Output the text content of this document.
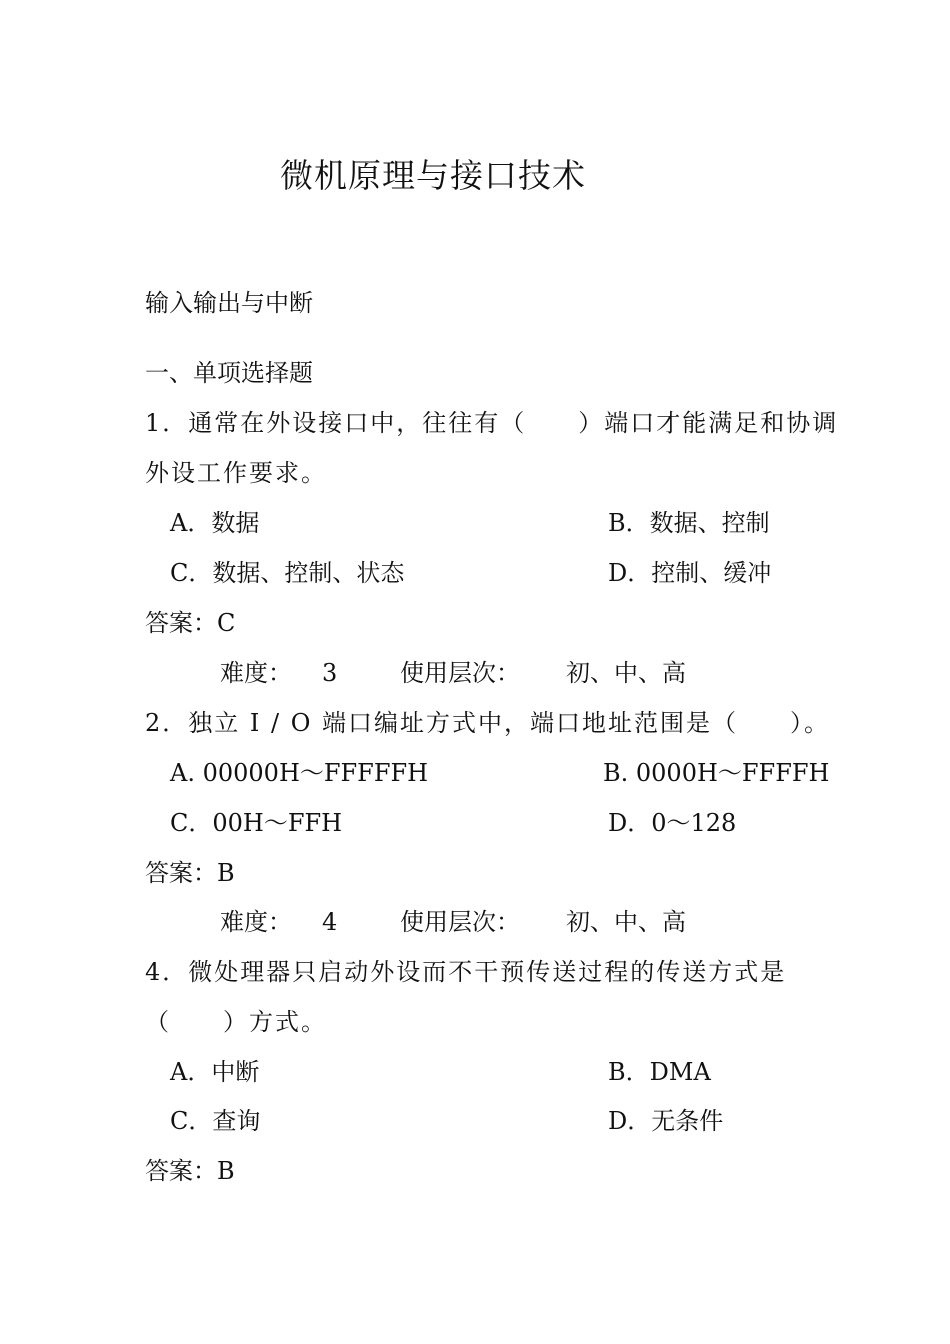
微机原理与接口技术
输入输出与中断
一、单项选择题
1．通常在外设接口中，往往有（　　）端口才能满足和协调
外设工作要求。
A．数据	B．数据、控制
C．数据、控制、状态	D．控制、缓冲
答案：C
难度： 3	使用层次： 初、中、高
2．独立 I / O 端口编址方式中，端口地址范围是（　　）。
A. 00000H～FFFFFH	B. 0000H～FFFFH
C．00H～FFH	D．0～128
答案：B
难度： 4	使用层次： 初、中、高
4．微处理器只启动外设而不干预传送过程的传送方式是
（　　）方式。
A．中断	B．DMA
C．查询	D．无条件
答案：B
